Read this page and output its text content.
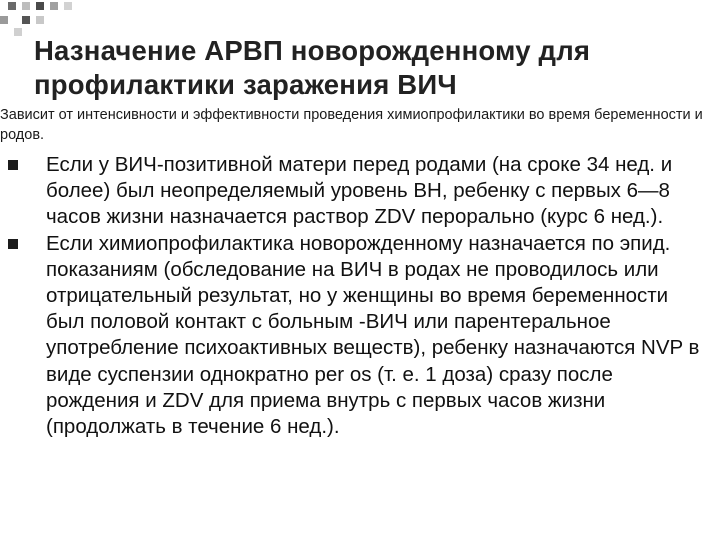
Назначение АРВП новорожденному для профилактики заражения ВИЧ

Зависит от интенсивности и эффективности проведения химиопрофилактики во время беременности и родов.

Если у ВИЧ-позитивной матери перед родами (на сроке 34 нед. и более) был неопределяемый уровень ВН, ребенку с первых 6—8 часов жизни назначается раствор ZDV перорально (курс 6 нед.).
Если химиопрофилактика новорожденному назначается по эпид. показаниям (обследование на ВИЧ в родах не проводилось или отрицательный результат, но у женщины во время беременности был половой контакт с больным -ВИЧ или парентеральное употребление психоактивных веществ), ребенку назначаются NVP в виде суспензии однократно per os (т. е. 1 доза) сразу после рождения и ZDV для приема внутрь с первых часов жизни (продолжать в течение 6 нед.).
